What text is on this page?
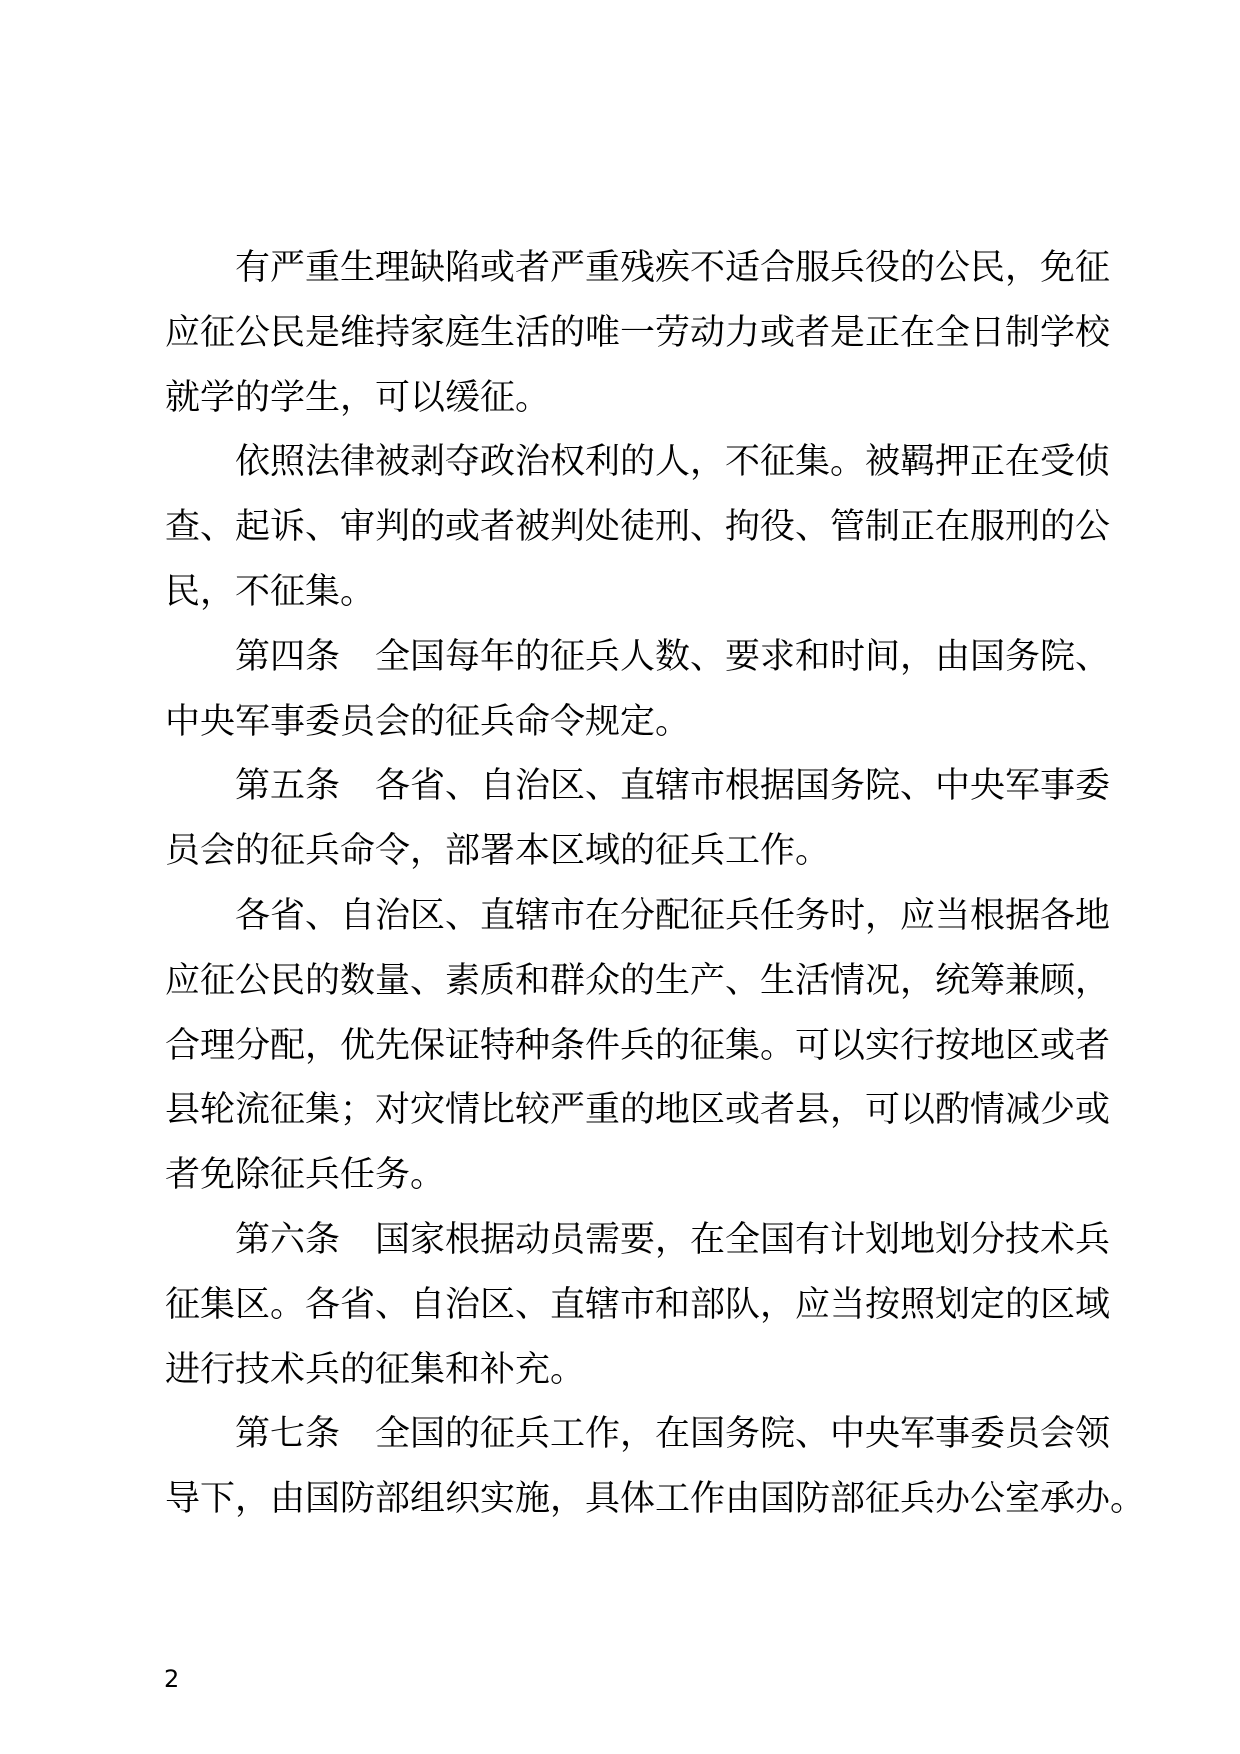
有严重生理缺陷或者严重残疾不适合服兵役的公民，免征
应征公民是维持家庭生活的唯一劳动力或者是正在全日制学校
就学的学生，可以缓征。
依照法律被剥夺政治权利的人，不征集。被羁押正在受侦
查、起诉、审判的或者被判处徒刑、拘役、管制正在服刑的公
民，不征集。
第四条　全国每年的征兵人数、要求和时间，由国务院、
中央军事委员会的征兵命令规定。
第五条　各省、自治区、直辖市根据国务院、中央军事委
员会的征兵命令，部署本区域的征兵工作。
各省、自治区、直辖市在分配征兵任务时，应当根据各地
应征公民的数量、素质和群众的生产、生活情况，统筹兼顾，
合理分配，优先保证特种条件兵的征集。可以实行按地区或者
县轮流征集；对灾情比较严重的地区或者县，可以酌情减少或
者免除征兵任务。
第六条　国家根据动员需要，在全国有计划地划分技术兵
征集区。各省、自治区、直辖市和部队，应当按照划定的区域
进行技术兵的征集和补充。
第七条　全国的征兵工作，在国务院、中央军事委员会领
导下，由国防部组织实施，具体工作由国防部征兵办公室承办。
2
